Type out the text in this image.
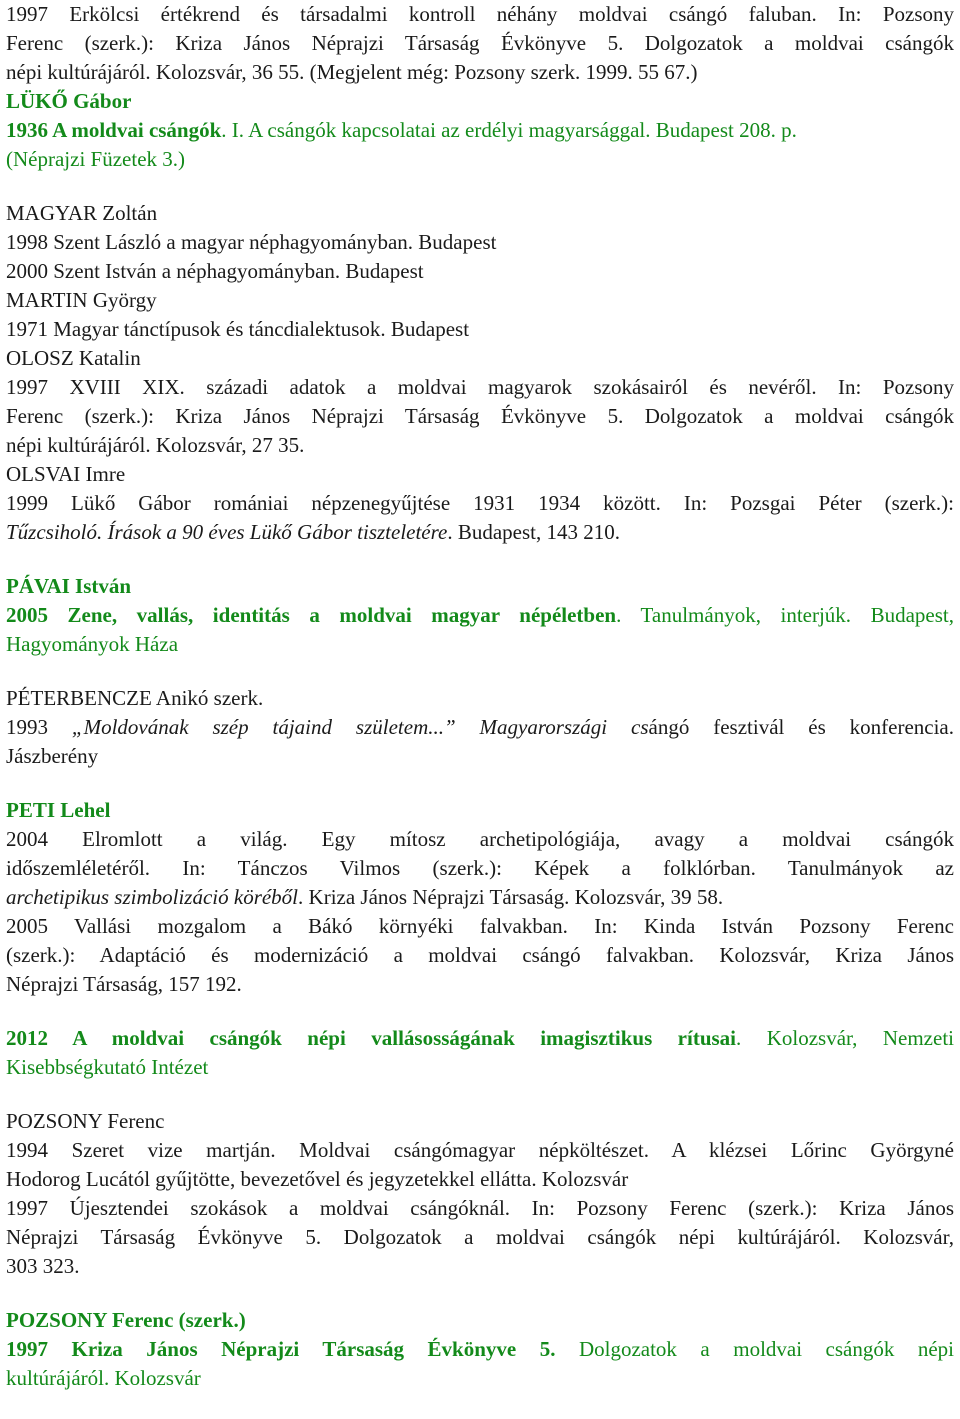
1997 Erkölcsi értékrend és társadalmi kontroll néhány moldvai csángó faluban. In: Pozsony
Ferenc (szerk.): Kriza János Néprajzi Társaság Évkönyve 5. Dolgozatok a moldvai csángók
népi kultúrájáról. Kolozsvár, 36 55. (Megjelent még: Pozsony szerk. 1999. 55 67.)
LÜKŐ Gábor
1936 A moldvai csángók. I. A csángók kapcsolatai az erdélyi magyarsággal. Budapest 208. p.
(Néprajzi Füzetek 3.)
MAGYAR Zoltán
1998 Szent László a magyar néphagyományban. Budapest
2000 Szent István a néphagyományban. Budapest
MARTIN György
1971 Magyar tánctípusok és táncdialektusok. Budapest
OLOSZ Katalin
1997 XVIII XIX. századi adatok a moldvai magyarok szokásairól és nevéről. In: Pozsony
Ferenc (szerk.): Kriza János Néprajzi Társaság Évkönyve 5. Dolgozatok a moldvai csángók
népi kultúrájáról. Kolozsvár, 27 35.
OLSVAI Imre
1999 Lükő Gábor romániai népzenegyűjtése 1931 1934 között. In: Pozsgai Péter (szerk.):
Tűzcsiholó. Írások a 90 éves Lükő Gábor tiszteletére. Budapest, 143 210.
PÁVAI István
2005 Zene, vallás, identitás a moldvai magyar népéletben. Tanulmányok, interjúk. Budapest,
Hagyományok Háza
PÉTERBENCZE Anikó szerk.
1993 „Moldovának szép tájaind születem...” Magyarországi csángó fesztivál és konferencia.
Jászberény
PETI Lehel
2004 Elromlott a világ. Egy mítosz archetipológiája, avagy a moldvai csángók
időszemléletéről. In: Tánczos Vilmos (szerk.): Képek a folklórban. Tanulmányok az
archetipikus szimbolizáció köréből. Kriza János Néprajzi Társaság. Kolozsvár, 39 58.
2005 Vallási mozgalom a Bákó környéki falvakban. In: Kinda István Pozsony Ferenc
(szerk.): Adaptáció és modernizáció a moldvai csángó falvakban. Kolozsvár, Kriza János
Néprajzi Társaság, 157 192.
2012 A moldvai csángók népi vallásosságának imagisztikus rítusai. Kolozsvár, Nemzeti
Kisebbségkutató Intézet
POZSONY Ferenc
1994 Szeret vize martján. Moldvai csángómagyar népköltészet. A klézsei Lőrinc Györgyné
Hodorog Lucától gyűjtötte, bevezetővel és jegyzetekkel ellátta. Kolozsvár
1997 Újesztendei szokások a moldvai csángóknál. In: Pozsony Ferenc (szerk.): Kriza János
Néprajzi Társaság Évkönyve 5. Dolgozatok a moldvai csángók népi kultúrájáról. Kolozsvár,
303 323.
POZSONY Ferenc (szerk.)
1997 Kriza János Néprajzi Társaság Évkönyve 5. Dolgozatok a moldvai csángók népi
kultúrájáról. Kolozsvár
